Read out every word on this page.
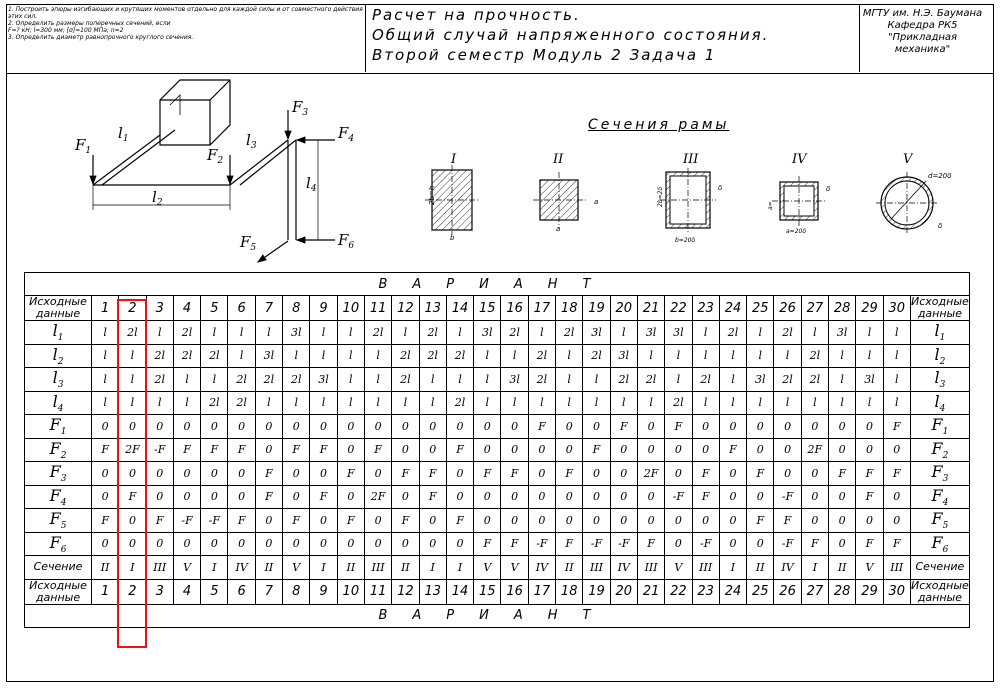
1. Построить эпюры изгибающих и крутящих моментов отдельно для каждой силы и от совместного действия этих сил.
2. Определить размеры поперечных сечений, если
F=? кН; l=300 мм; [σ]=100 МПа; n=2
3. Определить диаметр равнопрочного круглого сечения.
Расчет на прочность.
Общий случай напряженного состояния.
Второй семестр Модуль 2 Задача 1
МГТУ им. Н.Э. Баумана
Кафедра РК5
"Прикладная механика"
$F_1$	$F_2$
$F_3$
$F_4$
$F_5$	$F_6$
$l_1$
$l_2$
$l_3$
$l_4$
I
2b=h
b
II
a
a
III
2b=2δ
b=20δ
δ
IV
a=
a=20δ
δ
V
d=20δ
δ
Сечения рамы
ВАРИАНТ																															
Исходные данные	1	2	3	4	5	6	7	8	9	10	11	12	13	14	15	16	17	18	19	20	21	22	23	24	25	26	27	28	29	30	Исходные данные
$l_1$	l	2l	l	2l	l	l	l	3l	l	l	2l	l	2l	l	3l	2l	l	2l	3l	l	3l	3l	l	2l	l	2l	l	3l	l	l	$l_1$
$l_2$	l	l	2l	2l	2l	l	3l	l	l	l	l	2l	2l	2l	l	l	2l	l	2l	3l	l	l	l	l	l	l	2l	l	l	l	$l_2$
$l_3$	l	l	2l	l	l	2l	2l	2l	3l	l	l	2l	l	l	l	3l	2l	l	l	2l	2l	l	2l	l	3l	2l	2l	l	3l	l	$l_3$
$l_4$	l	l	l	l	2l	2l	l	l	l	l	l	l	l	2l	l	l	l	l	l	l	l	2l	l	l	l	l	l	l	l	l	$l_4$
$F_1$	0	0	0	0	0	0	0	0	0	0	0	0	0	0	0	0	F	0	0	F	0	F	0	0	0	0	0	0	0	F	$F_1$
$F_2$	F	2F	-F	F	F	F	0	F	F	0	F	0	0	F	0	0	0	0	F	0	0	0	0	F	0	0	2F	0	0	0	$F_2$
$F_3$	0	0	0	0	0	0	F	0	0	F	0	F	F	0	F	F	0	F	0	0	2F	0	F	0	F	0	0	F	F	F	$F_3$
$F_4$	0	F	0	0	0	0	F	0	F	0	2F	0	F	0	0	0	0	0	0	0	0	-F	F	0	0	-F	0	0	F	0	$F_4$
$F_5$	F	0	F	-F	-F	F	0	F	0	F	0	F	0	F	0	0	0	0	0	0	0	0	0	0	F	F	0	0	0	0	$F_5$
$F_6$	0	0	0	0	0	0	0	0	0	0	0	0	0	0	F	F	-F	F	-F	-F	F	0	-F	0	0	-F	F	0	F	F	$F_6$
Сечение	II	I	III	V	I	IV	II	V	I	II	III	II	I	I	V	V	IV	II	III	IV	III	V	III	I	II	IV	I	II	V	III	Сечение
Исходные данные	1	2	3	4	5	6	7	8	9	10	11	12	13	14	15	16	17	18	19	20	21	22	23	24	25	26	27	28	29	30	Исходные данные
ВАРИАНТ																															
